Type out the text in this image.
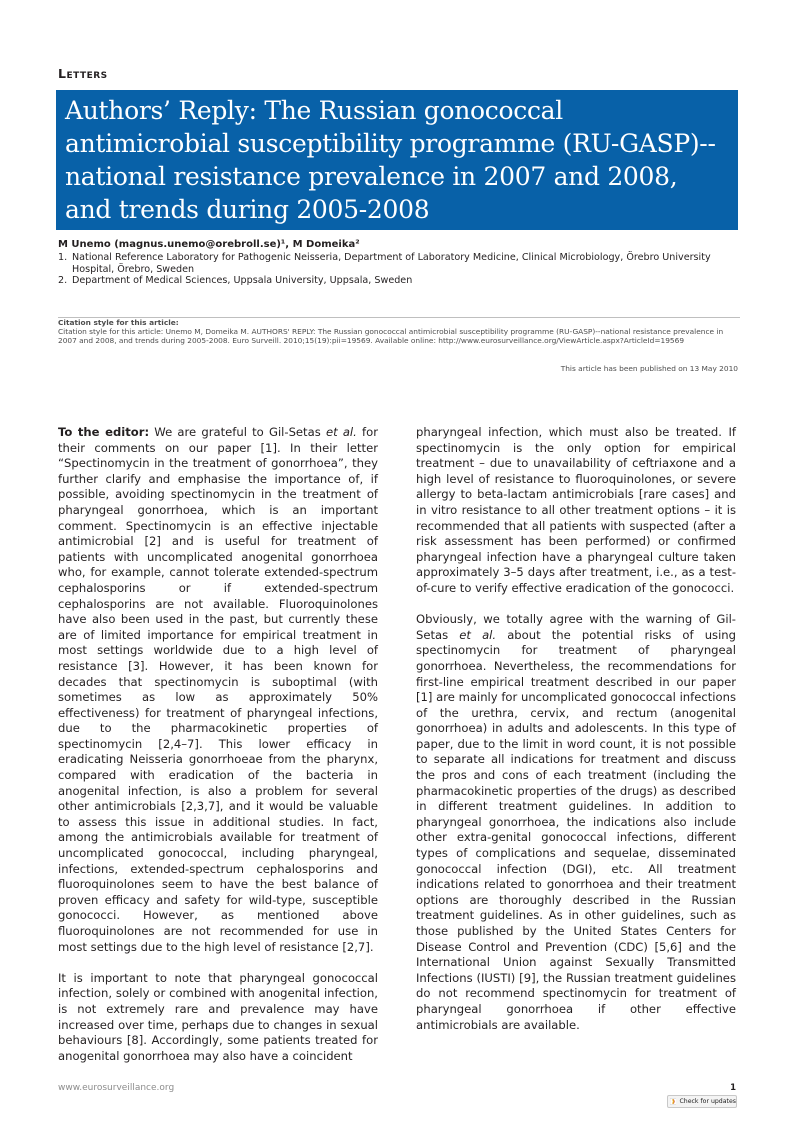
Letters
Authors’ Reply: The Russian gonococcal antimicrobial susceptibility programme (RU-GASP)--national resistance prevalence in 2007 and 2008, and trends during 2005-2008
M Unemo (magnus.unemo@orebroll.se)¹, M Domeika²
1. National Reference Laboratory for Pathogenic Neisseria, Department of Laboratory Medicine, Clinical Microbiology, Örebro University Hospital, Örebro, Sweden
2. Department of Medical Sciences, Uppsala University, Uppsala, Sweden
Citation style for this article:
Citation style for this article: Unemo M, Domeika M. AUTHORS' REPLY: The Russian gonococcal antimicrobial susceptibility programme (RU-GASP)--national resistance prevalence in 2007 and 2008, and trends during 2005-2008. Euro Surveill. 2010;15(19):pii=19569. Available online: http://www.eurosurveillance.org/ViewArticle.aspx?ArticleId=19569
This article has been published on 13 May 2010

To the editor: We are grateful to Gil-Setas et al. for their comments on our paper [1]. In their letter “Spectinomycin in the treatment of gonorrhoea”, they further clarify and emphasise the importance of, if possible, avoiding spectinomycin in the treatment of pharyngeal gonorrhoea, which is an important comment. Spectinomycin is an effective injectable antimicrobial [2] and is useful for treatment of patients with uncomplicated anogenital gonorrhoea who, for example, cannot tolerate extended-spectrum cephalosporins or if extended-spectrum cephalosporins are not available. Fluoroquinolones have also been used in the past, but currently these are of limited importance for empirical treatment in most settings worldwide due to a high level of resistance [3]. However, it has been known for decades that spectinomycin is suboptimal (with sometimes as low as approximately 50% effectiveness) for treatment of pharyngeal infections, due to the pharmacokinetic properties of spectinomycin [2,4–7]. This lower efficacy in eradicating Neisseria gonorrhoeae from the pharynx, compared with eradication of the bacteria in anogenital infection, is also a problem for several other antimicrobials [2,3,7], and it would be valuable to assess this issue in additional studies. In fact, among the antimicrobials available for treatment of uncomplicated gonococcal, including pharyngeal, infections, extended-spectrum cephalosporins and fluoroquinolones seem to have the best balance of proven efficacy and safety for wild-type, susceptible gonococci. However, as mentioned above fluoroquinolones are not recommended for use in most settings due to the high level of resistance [2,7].

It is important to note that pharyngeal gonococcal infection, solely or combined with anogenital infection, is not extremely rare and prevalence may have increased over time, perhaps due to changes in sexual behaviours [8]. Accordingly, some patients treated for anogenital gonorrhoea may also have a coincident

pharyngeal infection, which must also be treated. If spectinomycin is the only option for empirical treatment – due to unavailability of ceftriaxone and a high level of resistance to fluoroquinolones, or severe allergy to beta-lactam antimicrobials [rare cases] and in vitro resistance to all other treatment options – it is recommended that all patients with suspected (after a risk assessment has been performed) or confirmed pharyngeal infection have a pharyngeal culture taken approximately 3–5 days after treatment, i.e., as a test-of-cure to verify effective eradication of the gonococci.

Obviously, we totally agree with the warning of Gil-Setas et al. about the potential risks of using spectinomycin for treatment of pharyngeal gonorrhoea. Nevertheless, the recommendations for first-line empirical treatment described in our paper [1] are mainly for uncomplicated gonococcal infections of the urethra, cervix, and rectum (anogenital gonorrhoea) in adults and adolescents. In this type of paper, due to the limit in word count, it is not possible to separate all indications for treatment and discuss the pros and cons of each treatment (including the pharmacokinetic properties of the drugs) as described in different treatment guidelines. In addition to pharyngeal gonorrhoea, the indications also include other extra-genital gonococcal infections, different types of complications and sequelae, disseminated gonococcal infection (DGI), etc. All treatment indications related to gonorrhoea and their treatment options are thoroughly described in the Russian treatment guidelines. As in other guidelines, such as those published by the United States Centers for Disease Control and Prevention (CDC) [5,6] and the International Union against Sexually Transmitted Infections (IUSTI) [9], the Russian treatment guidelines do not recommend spectinomycin for treatment of pharyngeal gonorrhoea if other effective antimicrobials are available.

www.eurosurveillance.org	1
Check for updates
